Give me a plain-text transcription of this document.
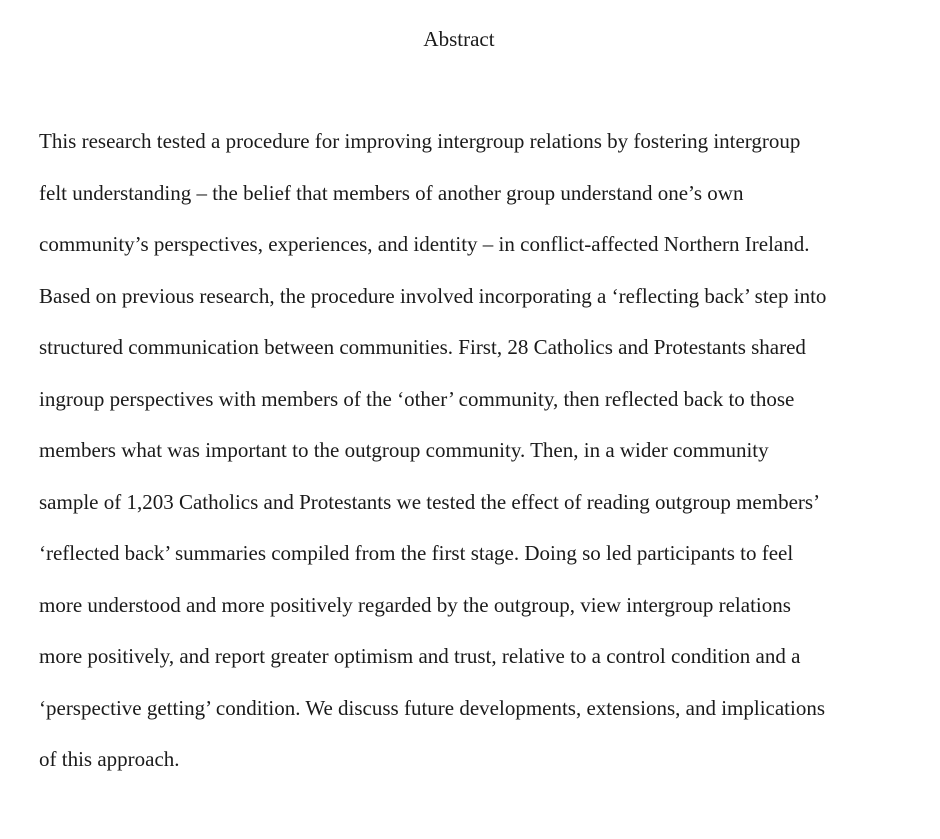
Abstract
This research tested a procedure for improving intergroup relations by fostering intergroup
felt understanding – the belief that members of another group understand one’s own
community’s perspectives, experiences, and identity – in conflict-affected Northern Ireland.
Based on previous research, the procedure involved incorporating a ‘reflecting back’ step into
structured communication between communities. First, 28 Catholics and Protestants shared
ingroup perspectives with members of the ‘other’ community, then reflected back to those
members what was important to the outgroup community. Then, in a wider community
sample of 1,203 Catholics and Protestants we tested the effect of reading outgroup members’
‘reflected back’ summaries compiled from the first stage. Doing so led participants to feel
more understood and more positively regarded by the outgroup, view intergroup relations
more positively, and report greater optimism and trust, relative to a control condition and a
‘perspective getting’ condition. We discuss future developments, extensions, and implications
of this approach.
